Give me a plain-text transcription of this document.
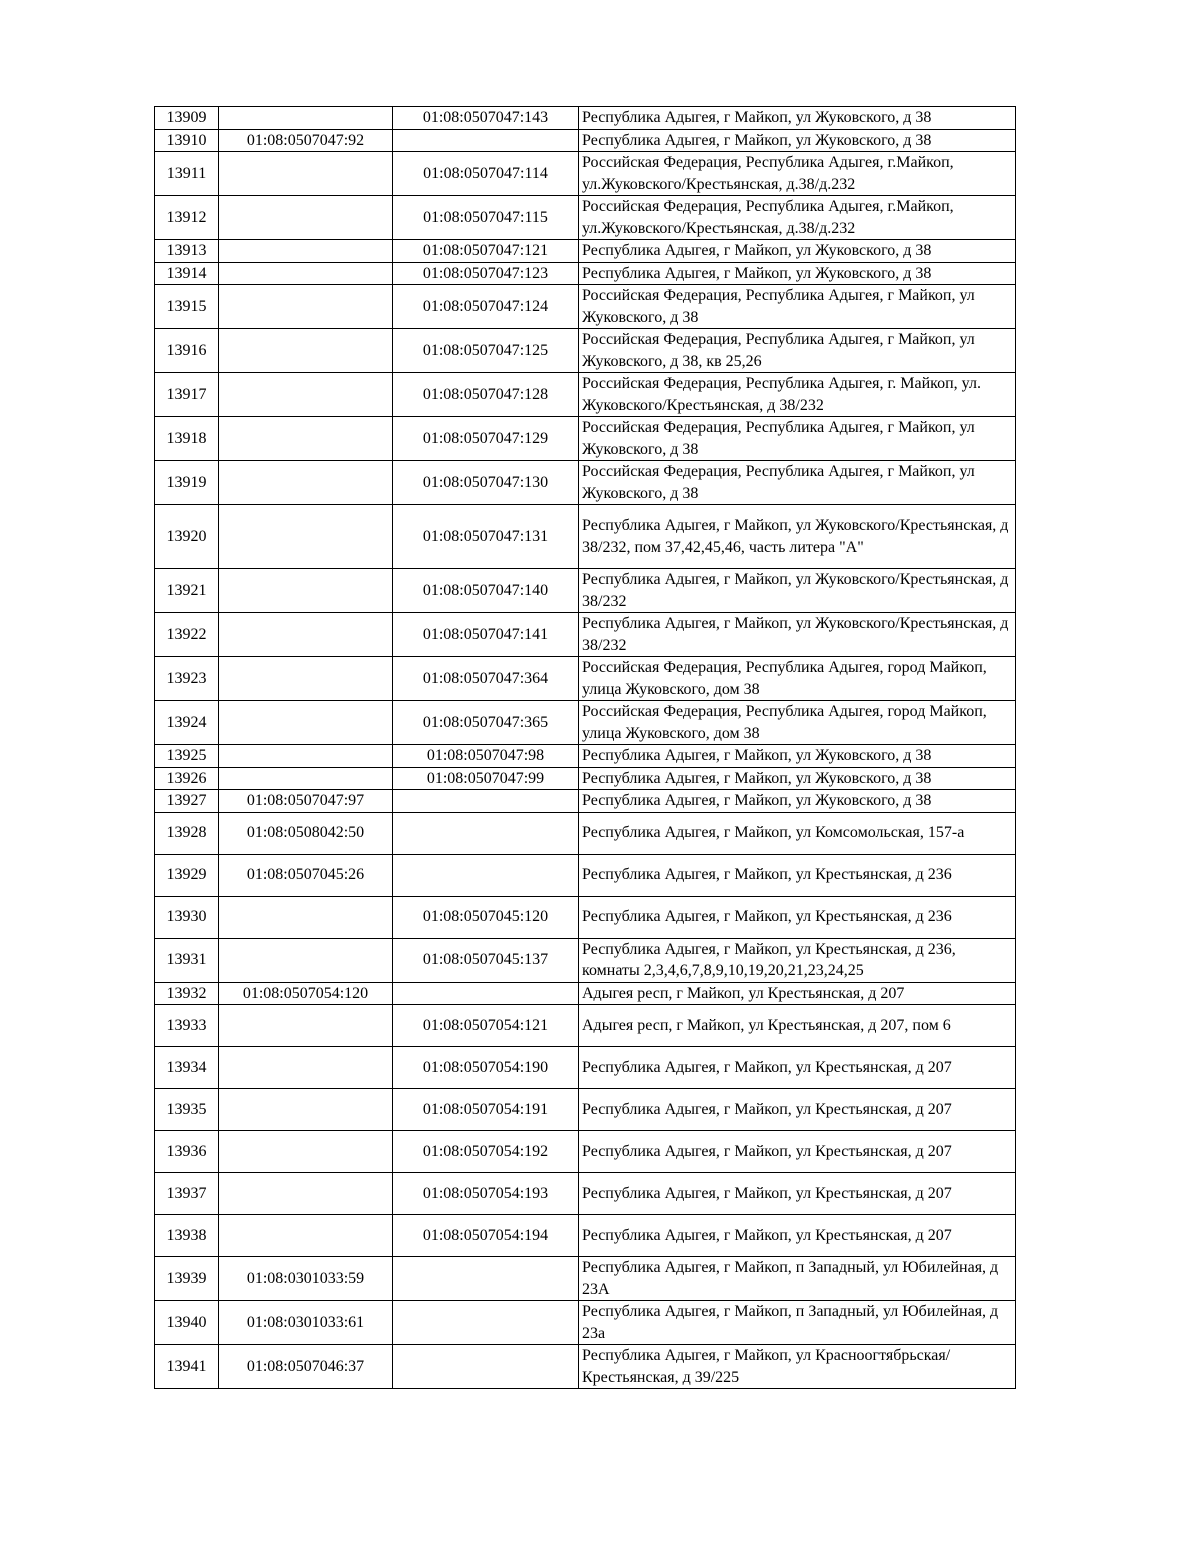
13909		01:08:0507047:143	Республика Адыгея, г Майкоп, ул Жуковского, д 38
13910	01:08:0507047:92		Республика Адыгея, г Майкоп, ул Жуковского, д 38
13911		01:08:0507047:114	Российская Федерация, Республика Адыгея, г.Майкоп, ул.Жуковского/Крестьянская, д.38/д.232
13912		01:08:0507047:115	Российская Федерация, Республика Адыгея, г.Майкоп, ул.Жуковского/Крестьянская, д.38/д.232
13913		01:08:0507047:121	Республика Адыгея, г Майкоп, ул Жуковского, д 38
13914		01:08:0507047:123	Республика Адыгея, г Майкоп, ул Жуковского, д 38
13915		01:08:0507047:124	Российская Федерация, Республика Адыгея, г Майкоп, ул Жуковского, д 38
13916		01:08:0507047:125	Российская Федерация, Республика Адыгея, г Майкоп, ул Жуковского, д 38, кв 25,26
13917		01:08:0507047:128	Российская Федерация, Республика Адыгея, г. Майкоп, ул. Жуковского/Крестьянская, д 38/232
13918		01:08:0507047:129	Российская Федерация, Республика Адыгея, г Майкоп, ул Жуковского, д 38
13919		01:08:0507047:130	Российская Федерация, Республика Адыгея, г Майкоп, ул Жуковского, д 38
13920		01:08:0507047:131	Республика Адыгея, г Майкоп, ул Жуковского/Крестьянская, д 38/232, пом 37,42,45,46, часть литера "А"
13921		01:08:0507047:140	Республика Адыгея, г Майкоп, ул Жуковского/Крестьянская, д 38/232
13922		01:08:0507047:141	Республика Адыгея, г Майкоп, ул Жуковского/Крестьянская, д 38/232
13923		01:08:0507047:364	Российская Федерация, Республика Адыгея, город Майкоп, улица Жуковского, дом 38
13924		01:08:0507047:365	Российская Федерация, Республика Адыгея, город Майкоп, улица Жуковского, дом 38
13925		01:08:0507047:98	Республика Адыгея, г Майкоп, ул Жуковского, д 38
13926		01:08:0507047:99	Республика Адыгея, г Майкоп, ул Жуковского, д 38
13927	01:08:0507047:97		Республика Адыгея, г Майкоп, ул Жуковского, д 38
13928	01:08:0508042:50		Республика Адыгея, г Майкоп, ул Комсомольская, 157-а
13929	01:08:0507045:26		Республика Адыгея, г Майкоп, ул Крестьянская, д 236
13930		01:08:0507045:120	Республика Адыгея, г Майкоп, ул Крестьянская, д 236
13931		01:08:0507045:137	Республика Адыгея, г Майкоп, ул Крестьянская, д 236, комнаты 2,3,4,6,7,8,9,10,19,20,21,23,24,25
13932	01:08:0507054:120		Адыгея респ, г Майкоп, ул Крестьянская, д 207
13933		01:08:0507054:121	Адыгея респ, г Майкоп, ул Крестьянская, д 207, пом 6
13934		01:08:0507054:190	Республика Адыгея, г Майкоп, ул Крестьянская, д 207
13935		01:08:0507054:191	Республика Адыгея, г Майкоп, ул Крестьянская, д 207
13936		01:08:0507054:192	Республика Адыгея, г Майкоп, ул Крестьянская, д 207
13937		01:08:0507054:193	Республика Адыгея, г Майкоп, ул Крестьянская, д 207
13938		01:08:0507054:194	Республика Адыгея, г Майкоп, ул Крестьянская, д 207
13939	01:08:0301033:59		Республика Адыгея, г Майкоп, п Западный, ул Юбилейная, д 23А
13940	01:08:0301033:61		Республика Адыгея, г Майкоп, п Западный, ул Юбилейная, д 23а
13941	01:08:0507046:37		Республика Адыгея, г Майкоп, ул Красноогтябрьская/Крестьянская, д 39/225
